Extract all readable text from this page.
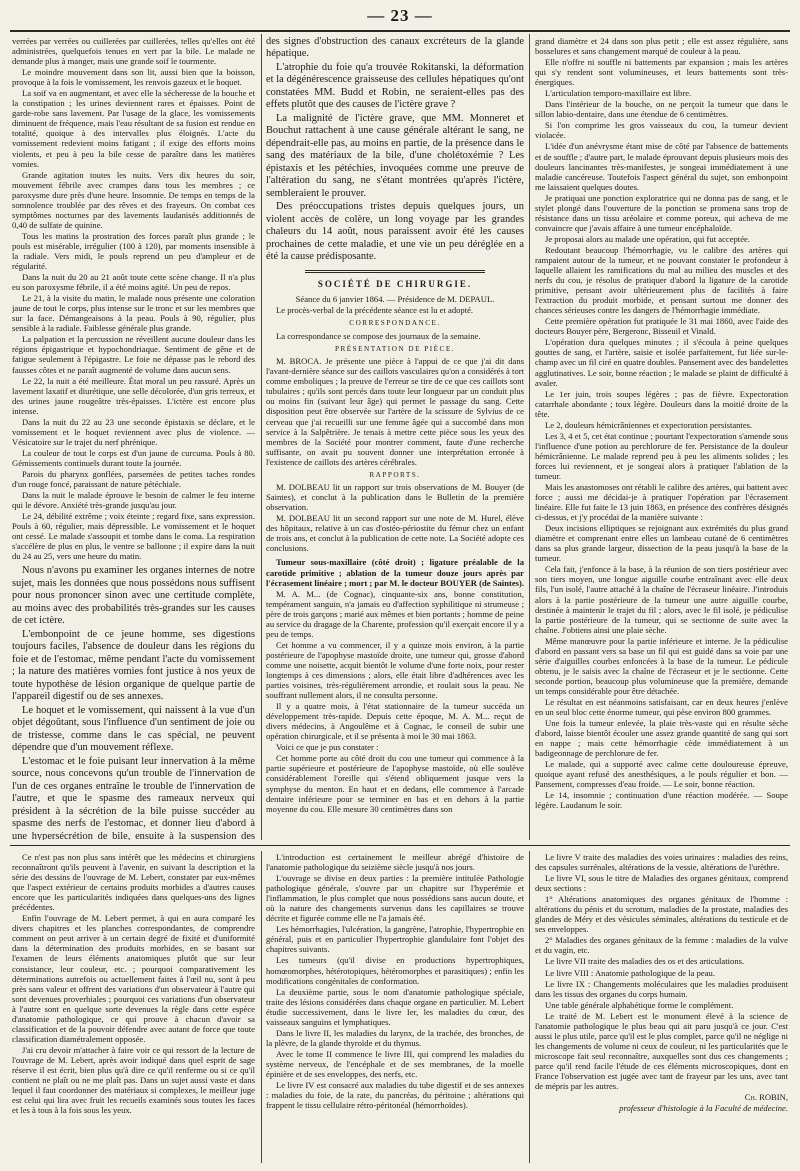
— 23 —

verrées par verrées ou cuillerées par cuillerées, telles qu'elles ont été administrées, quelquefois tenues en vert par la bile. Le malade ne demande plus à manger, mais une grande soif le tourmente.

Le moindre mouvement dans son lit, aussi bien que la boisson, provoque à la fois le vomissement, les renvois gazeux et le hoquet.

La soif va en augmentant, et avec elle la sécheresse de la bouche et la constipation ; les urines deviennent rares et épaisses. Point de garde-robe sans lavement. Par l'usage de la glace, les vomissements diminuent de fréquence, mais l'eau résultant de sa fusion est rendue en totalité, quoique à des intervalles plus éloignés. L'acte du vomissement redevient moins fatigant ; il exige des efforts moins violents, et peu à peu la bile cesse de paraître dans les matières vomies.

Grande agitation toutes les nuits. Vers dix heures du soir, mouvement fébrile avec crampes dans tous les membres ; ce paroxysme dure près d'une heure. Insomnie. De temps en temps de la somnolence troublée par des rêves et des frayeurs. On combat ces symptômes nocturnes par des lavements laudanisés additionnés de 0,40 de sulfate de quinine.

Tous les matins la prostration des forces paraît plus grande ; le pouls est misérable, irrégulier (100 à 120), par moments insensible à la radiale. Vers midi, le pouls reprend un peu d'ampleur et de régularité.

Dans la nuit du 20 au 21 août toute cette scène change. Il n'a plus eu son paroxysme fébrile, il a été moins agité. Un peu de repos.

Le 21, à la visite du matin, le malade nous présente une coloration jaune de tout le corps, plus intense sur le tronc et sur les membres que sur la face. Démangeaisons à la peau. Pouls à 90, régulier, plus sensible à la radiale. Faiblesse générale plus grande.

La palpation et la percussion ne réveillent aucune douleur dans les régions épigastrique et hypochondriaque. Sentiment de gêne et de fatigue seulement à l'épigastre. Le foie ne dépasse pas le rebord des fausses côtes et ne paraît augmenté de volume dans aucun sens.

Le 22, la nuit a été meilleure. État moral un peu rassuré. Après un lavement laxatif et diurétique, une selle décolorée, d'un gris terreux, et des urines jaune rougeâtre très-épaisses. L'ictère est encore plus intense.

Dans la nuit du 22 au 23 une seconde épistaxis se déclare, et le vomissement et le hoquet reviennent avec plus de violence. — Vésicatoire sur le trajet du nerf phrénique.

La couleur de tout le corps est d'un jaune de curcuma. Pouls à 80. Gémissements continuels durant toute la journée.

Parois du pharynx gonflées, parsemées de petites taches rondes d'un rouge foncé, paraissant de nature pétéchiale.

Dans la nuit le malade éprouve le besoin de calmer le feu interne qui le dévore. Anxiété très-grande jusqu'au jour.

Le 24, débilité extrême ; voix éteinte ; regard fixe, sans expression. Pouls à 60, régulier, mais dépressible. Le vomissement et le hoquet ont cessé. Le malade s'assoupit et tombe dans le coma. La respiration s'accélère de plus en plus, le ventre se ballonne ; il expire dans la nuit du 24 au 25, vers une heure du matin.

Nous n'avons pu examiner les organes internes de notre sujet, mais les données que nous possédons nous suffisent pour nous prononcer sinon avec une certitude complète, au moins avec des probabilités très-grandes sur les causes de cet ictère.

L'embonpoint de ce jeune homme, ses digestions toujours faciles, l'absence de douleur dans les régions du foie et de l'estomac, même pendant l'acte du vomissement ; la nature des matières vomies font justice à nos yeux de toute hypothèse de lésion organique de quelque partie de l'appareil digestif ou de ses annexes.

Le hoquet et le vomissement, qui naissent à la vue d'un objet dégoûtant, sous l'influence d'un sentiment de joie ou de tristesse, comme dans le cas spécial, ne peuvent dépendre que d'un mouvement réflexe.

L'estomac et le foie puisant leur innervation à la même source, nous concevons qu'un trouble de l'innervation de l'un de ces organes entraîne le trouble de l'innervation de l'autre, et que le spasme des rameaux nerveux qui président à la sécrétion de la bile puisse succéder au spasme des nerfs de l'estomac, et donner lieu d'abord à une hypersécrétion de bile, ensuite à la suspension des

des signes d'obstruction des canaux excréteurs de la glande hépatique.

L'atrophie du foie qu'a trouvée Rokitanski, la déformation et la dégénérescence graisseuse des cellules hépatiques qu'ont constatées MM. Budd et Robin, ne seraient-elles pas des effets plutôt que des causes de l'ictère grave ?

La malignité de l'ictère grave, que MM. Monneret et Bouchut rattachent à une cause générale altérant le sang, ne dépendrait-elle pas, au moins en partie, de la présence dans le sang des matériaux de la bile, d'une cholétoxémie ? Les épistaxis et les pétéchies, invoquées comme une preuve de l'altération du sang, ne s'étant montrées qu'après l'ictère, sembleraient le prouver.

Des préoccupations tristes depuis quelques jours, un violent accès de colère, un long voyage par les grandes chaleurs du 14 août, nous paraissent avoir été les causes prochaines de cette maladie, et une vie un peu déréglée en a été la cause prédisposante.

SOCIÉTÉ DE CHIRURGIE.

Séance du 6 janvier 1864. — Présidence de M. DEPAUL.

Le procès-verbal de la précédente séance est lu et adopté.

CORRESPONDANCE.

La correspondance se compose des journaux de la semaine.

PRÉSENTATION DE PIÈCE.

M. BROCA. Je présente une pièce à l'appui de ce que j'ai dit dans l'avant-dernière séance sur des caillots vasculaires qu'on a considérés à tort comme emboliques ; la preuve de l'erreur se tire de ce que ces caillots sont tubulaires ; qu'ils sont percés dans toute leur longueur par un conduit plus ou moins fin (suivant leur âge) qui permet le passage du sang. Cette disposition peut être observée sur l'artère de la scissure de Sylvius de ce cerveau que j'ai recueilli sur une femme âgée qui a succombé dans mon service à la Salpêtrière. Je tenais à mettre cette pièce sous les yeux des membres de la Société pour montrer comment, faute d'une recherche suffisante, on avait pu souvent donner une interprétation erronée à l'existence de caillots des artères cérébrales.

RAPPORTS.

M. DOLBEAU lit un rapport sur trois observations de M. Bouyer (de Saintes), et conclut à la publication dans le Bulletin de la première observation.

M. DOLBEAU lit un second rapport sur une note de M. Hurel, élève des hôpitaux, relative à un cas d'ostéo-périostite du fémur chez un enfant de trois ans, et conclut à la publication de cette note. La Société adopte ces conclusions.

Tumeur sous-maxillaire (côté droit) ; ligature préalable de la carotide primitive ; ablation de la tumeur douze jours après par l'écrasement linéaire ; mort ; par M. le docteur BOUYER (de Saintes).

M. A. M... (de Cognac), cinquante-six ans, bonne constitution, tempérament sanguin, n'a jamais eu d'affection syphilitique ni strumeuse ; père de trois garçons ; marié aux mêmes et bien portants ; homme de peine au service du dragage de la Charente, profession qu'il exerçait encore il y a peu de temps.

Cet homme a vu commencer, il y a quinze mois environ, à la partie postérieure de l'apophyse mastoïde droite, une tumeur qui, grosse d'abord comme une noisette, acquit bientôt le volume d'une forte noix, pour rester longtemps à ces dimensions ; alors, elle était libre d'adhérences avec les parties voisines, très-régulièrement arrondie, et roulait sous la peau. Ne souffrant nullement alors, il ne consulta personne.

Il y a quatre mois, à l'état stationnaire de la tumeur succéda un développement très-rapide. Depuis cette époque, M. A. M... reçut de divers médecins, à Angoulême et à Cognac, le conseil de subir une opération chirurgicale, et il se présenta à moi le 30 mai 1863.

Voici ce que je pus constater :

Cet homme porte au côté droit du cou une tumeur qui commence à la partie supérieure et postérieure de l'apophyse mastoïde, où elle soulève considérablement l'oreille qui s'étend obliquement jusque vers la symphyse du menton. En haut et en dedans, elle commence à l'arcade dentaire inférieure pour se terminer en bas et en dehors à la partie moyenne du cou. Elle mesure 30 centimètres dans son

grand diamètre et 24 dans son plus petit ; elle est assez régulière, sans bosselures et sans changement marqué de couleur à la peau.

Elle n'offre ni souffle ni battements par expansion ; mais les artères qui s'y rendent sont volumineuses, et leurs battements sont très-énergiques.

L'articulation temporo-maxillaire est libre.

Dans l'intérieur de la bouche, on ne perçoit la tumeur que dans le sillon labio-dentaire, dans une étendue de 6 centimètres.

Si l'on comprime les gros vaisseaux du cou, la tumeur devient violacée.

L'idée d'un anévrysme étant mise de côté par l'absence de battements et de souffle ; d'autre part, le malade éprouvant depuis plusieurs mois des douleurs lancinantes très-manifestes, je songeai immédiatement à une maladie cancéreuse. Toutefois l'aspect général du sujet, son embonpoint me laissaient quelques doutes.

Je pratiquai une ponction exploratrice qui ne donna pas de sang, et le stylet plongé dans l'ouverture de la ponction se promena sans trop de résistance dans un tissu aréolaire et comme poreux, qui acheva de me convaincre que j'avais affaire à une tumeur encéphaloïde.

Je proposai alors au malade une opération, qui fut acceptée.

Redoutant beaucoup l'hémorrhagie, vu le calibre des artères qui rampaient autour de la tumeur, et ne pouvant constater le profondeur à laquelle allaient les ramifications du mal au milieu des muscles et des nerfs du cou, je résolus de pratiquer d'abord la ligature de la carotide primitive, pensant avoir ultérieurement plus de facilités à faire l'extraction du produit morbide, et pensant surtout me donner des chances sérieuses contre les dangers de l'hémorrhagie immédiate.

Cette première opération fut pratiquée le 31 mai 1860, avec l'aide des docteurs Bouyer père, Bergeronc, Bisseuil et Vinald.

L'opération dura quelques minutes ; il s'écoula à peine quelques gouttes de sang, et l'artère, saisie et isolée parfaitement, fut liée sur-le-champ avec un fil ciré en quatre doubles. Pansement avec des bandelettes agglutinatives. Le soir, bonne réaction ; le malade se plaint de difficulté à avaler.

Le 1er juin, trois soupes légères ; pas de fièvre. Expectoration catarrhale abondante ; toux légère. Douleurs dans la moitié droite de la tête.

Le 2, douleurs hémicrâniennes et expectoration persistantes.

Les 3, 4 et 5, cet état continue ; pourtant l'expectoration s'amende sous l'influence d'une potion au perchlorure de fer. Persistance de la douleur hémicrânienne. Le malade reprend peu à peu les aliments solides ; les forces lui reviennent, et je songeai alors à pratiquer l'ablation de la tumeur.

Mais les anastomoses ont rétabli le calibre des artères, qui battent avec force ; aussi me décidai-je à pratiquer l'opération par l'écrasement linéaire. Elle fut faite le 13 juin 1863, en présence des confrères désignés ci-dessus, et j'y procédai de la manière suivante :

Deux incisions elliptiques se rejoignant aux extrémités du plus grand diamètre et comprenant entre elles un lambeau cutané de 6 centimètres dans sa plus grande largeur, dissection de la peau jusqu'à la base de la tumeur.

Cela fait, j'enfonce à la base, à la réunion de son tiers postérieur avec son tiers moyen, une longue aiguille courbe entraînant avec elle deux fils, l'un isolé, l'autre attaché à la chaîne de l'écraseur linéaire. J'introduis alors à la partie postérieure de la tumeur une autre aiguille courbe, destinée à maintenir le trajet du fil ; alors, avec le fil isolé, je pédiculise la partie postérieure de la tumeur, qui se sectionne de suite avec la chaîne. J'obtiens ainsi une plaie sèche.

Même manœuvre pour la partie inférieure et interne. Je la pédiculise d'abord en passant vers sa base un fil qui est guidé dans sa voie par une série d'aiguilles courbes enfoncées à la base de la tumeur. Le pédicule obtenu, je le saisis avec la chaîne de l'écraseur et je le sectionne. Cette seconde portion, beaucoup plus volumineuse que la première, demande un temps considérable pour être détachée.

Le résultat en est néanmoins satisfaisant, car en deux heures j'enlève en un seul bloc cette énorme tumeur, qui pèse environ 800 grammes.

Une fois la tumeur enlevée, la plaie très-vaste qui en résulte sèche d'abord, laisse bientôt écouler une assez grande quantité de sang qui sort en nappe ; mais cette hémorrhagie cède immédiatement à un badigeonnage de perchlorure de fer.

Le malade, qui a supporté avec calme cette douloureuse épreuve, quoique ayant refusé des anesthésiques, a le pouls régulier et bon. — Pansement, compresses d'eau froide. — Le soir, bonne réaction.

Le 14, insomnie ; continuation d'une réaction modérée. — Soupe légère. Laudanum le soir.

Ce n'est pas non plus sans intérêt que les médecins et chirurgiens reconnaîtront qu'ils peuvent à l'avenir, en suivant la description et la série des dessins de l'ouvrage de M. Lebert, constater par eux-mêmes que l'aspect extérieur de certains produits morbides a d'autres causes encore que les particularités indiquées dans quelques-uns des lignes précédentes.

Enfin l'ouvrage de M. Lebert permet, à qui en aura comparé les divers chapitres et les planches correspondantes, de comprendre comment on peut arriver à un certain degré de fixité et d'uniformité dans la détermination des produits morbides, en se basant sur l'examen de leurs éléments anatomiques plutôt que sur leur consistance, leur couleur, etc. ; pourquoi comparativement les déterminations autrefois ou actuellement faites à l'œil nu, sont à peu près sans valeur et offrent des variations d'un observateur à l'autre qui sont devenues proverbiales ; pourquoi ces variations d'un observateur à l'autre sont en quelque sorte devenues la règle dans cette espèce d'anatomie pathologique, ce qui prouve à chacun d'avoir sa classification et de la pouvoir défendre avec autant de force que toute classification diamétralement opposée.

J'ai cru devoir m'attacher à faire voir ce qui ressort de la lecture de l'ouvrage de M. Lebert, après avoir indiqué dans quel esprit de sage réserve il est écrit, bien plus qu'à dire ce qu'il renferme ou si ce qu'il contient ne plaît ou ne me plaît pas. Dans un sujet aussi vaste et dans lequel il faut coordonner des matériaux si complexes, le meilleur juge est celui qui lira avec fruit les recueils examinés sous toutes les faces et les à tous à la fois sous les yeux.

L'introduction est certainement le meilleur abrégé d'histoire de l'anatomie pathologique du seizième siècle jusqu'à nos jours.

L'ouvrage se divise en deux parties : la première intitulée Pathologie pathologique générale, s'ouvre par un chapitre sur l'hyperémie et l'inflammation, le plus complet que nous possédions sans aucun doute, et où la nature des changements survenus dans les capillaires se trouve décrite et figurée comme elle ne l'a jamais été.

Les hémorrhagies, l'ulcération, la gangrène, l'atrophie, l'hypertrophie en général, puis et en particulier l'hypertrophie glandulaire font l'objet des chapitres suivants.

Les tumeurs (qu'il divise en productions hypertrophiques, homœomorphes, hétérotopiques, hétéromorphes et parasitiques) ; enfin les modifications congénitales de conformation.

La deuxième partie, sous le nom d'anatomie pathologique spéciale, traite des lésions considérées dans chaque organe en particulier. M. Lebert étudie successivement, dans le livre Ier, les maladies du cœur, des vaisseaux sanguins et lymphatiques.

Dans le livre II, les maladies du larynx, de la trachée, des bronches, de la plèvre, de la glande thyroïde et du thymus.

Avec le tome II commence le livre III, qui comprend les maladies du système nerveux, de l'encéphale et de ses membranes, de la moelle épinière et de ses enveloppes, des nerfs, etc.

Le livre IV est consacré aux maladies du tube digestif et de ses annexes : maladies du foie, de la rate, du pancréas, du péritoine ; altérations qui frappent le tissu cellulaire rétro-péritonéal (hémorrhoïdes).

Le livre V traite des maladies des voies urinaires : maladies des reins, des capsules surrénales, altérations de la vessie, altérations de l'urèthre.

Le livre VI, sous le titre de Maladies des organes génitaux, comprend deux sections :

1° Altérations anatomiques des organes génitaux de l'homme : altérations du pénis et du scrotum, maladies de la prostate, maladies des glandes de Méry et des vésicules séminales, altérations du testicule et de ses enveloppes.

2° Maladies des organes génitaux de la femme : maladies de la vulve et du vagin, etc.

Le livre VII traite des maladies des os et des articulations.

Le livre VIII : Anatomie pathologique de la peau.

Le livre IX : Changements moléculaires que les maladies produisent dans les tissus des organes du corps humain.

Une table générale alphabétique forme le complément.

Le traité de M. Lebert est le monument élevé à la science de l'anatomie pathologique le plus beau qui ait paru jusqu'à ce jour. C'est aussi le plus utile, parce qu'il est le plus complet, parce qu'il ne néglige ni les changements de volume ni ceux de couleur, ni les particularités que le microscope fait seul reconnaître, auxquelles sont dus ces changements ; parce qu'il rend facile l'étude de ces éléments microscopiques, dont en France l'observation est jugée avec tant de frayeur par les uns, avec tant de mépris par les autres.

Ch. ROBIN,

professeur d'histologie à la Faculté de médecine.
